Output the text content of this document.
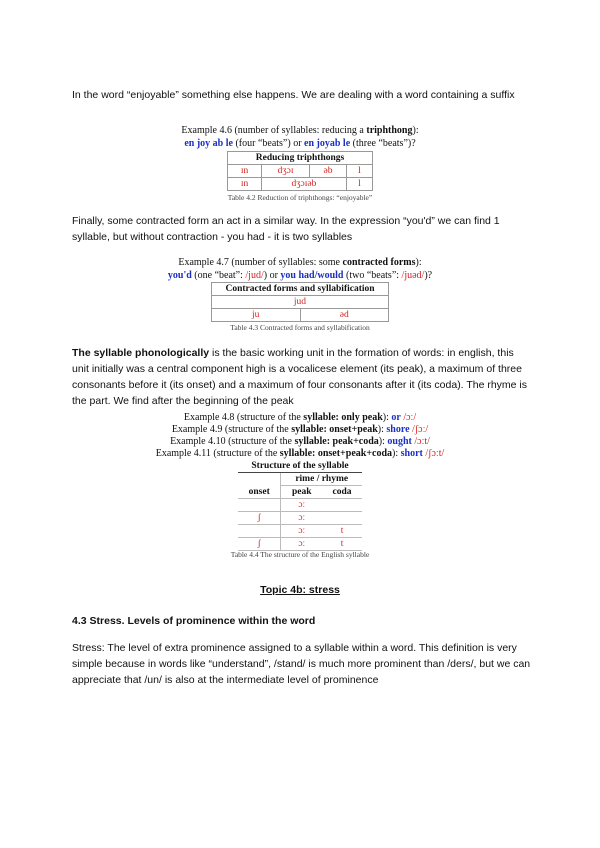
In the word “enjoyable” something else happens. We are dealing with a word containing a suffix
Example 4.6 (number of syllables: reducing a triphthong):
en joy ab le (four “beats”) or en joyab le (three “beats”)?
Reducing triphthongs			
ɪn	dʒɔɪ	əb	l
ɪn	dʒɔɪəb		l
Table 4.2 Reduction of triphthongs: “enjoyable”
Finally, some contracted form an act in a similar way. In the expression “you'd” we can find 1 syllable, but without contraction - you had - it is two syllables
Example 4.7 (number of syllables: some contracted forms):
you'd (one “beat”: /jud/) or you had/would (two “beats”: /juəd/)?
Contracted forms and syllabification
jud
ju	əd
Table 4.3 Contracted forms and syllabification
The syllable phonologically is the basic working unit in the formation of words: in english, this unit initially was a central component high is a vocalicese element (its peak), a maximum of three consonants before it (its onset) and a maximum of four consonants after it (its coda). The rhyme is the part. We find after the beginning of the peak
Example 4.8 (structure of the syllable: only peak): or /ɔː/
Example 4.9 (structure of the syllable: onset+peak): shore /ʃɔː/
Example 4.10 (structure of the syllable: peak+coda): ought /ɔːt/
Example 4.11 (structure of the syllable: onset+peak+coda): short /ʃɔːt/
Structure of the syllable		
	rime / rhyme	
onset	peak	coda
	ɔː	
ʃ	ɔː	
	ɔː	t
ʃ	ɔː	t
Table 4.4 The structure of the English syllable
Topic 4b: stress
4.3 Stress. Levels of prominence within the word
Stress: The level of extra prominence assigned to a syllable within a word. This definition is very simple because in words like “understand”, /stand/ is much more prominent than /ders/, but we can appreciate that /un/ is also at the intermediate level of prominence
